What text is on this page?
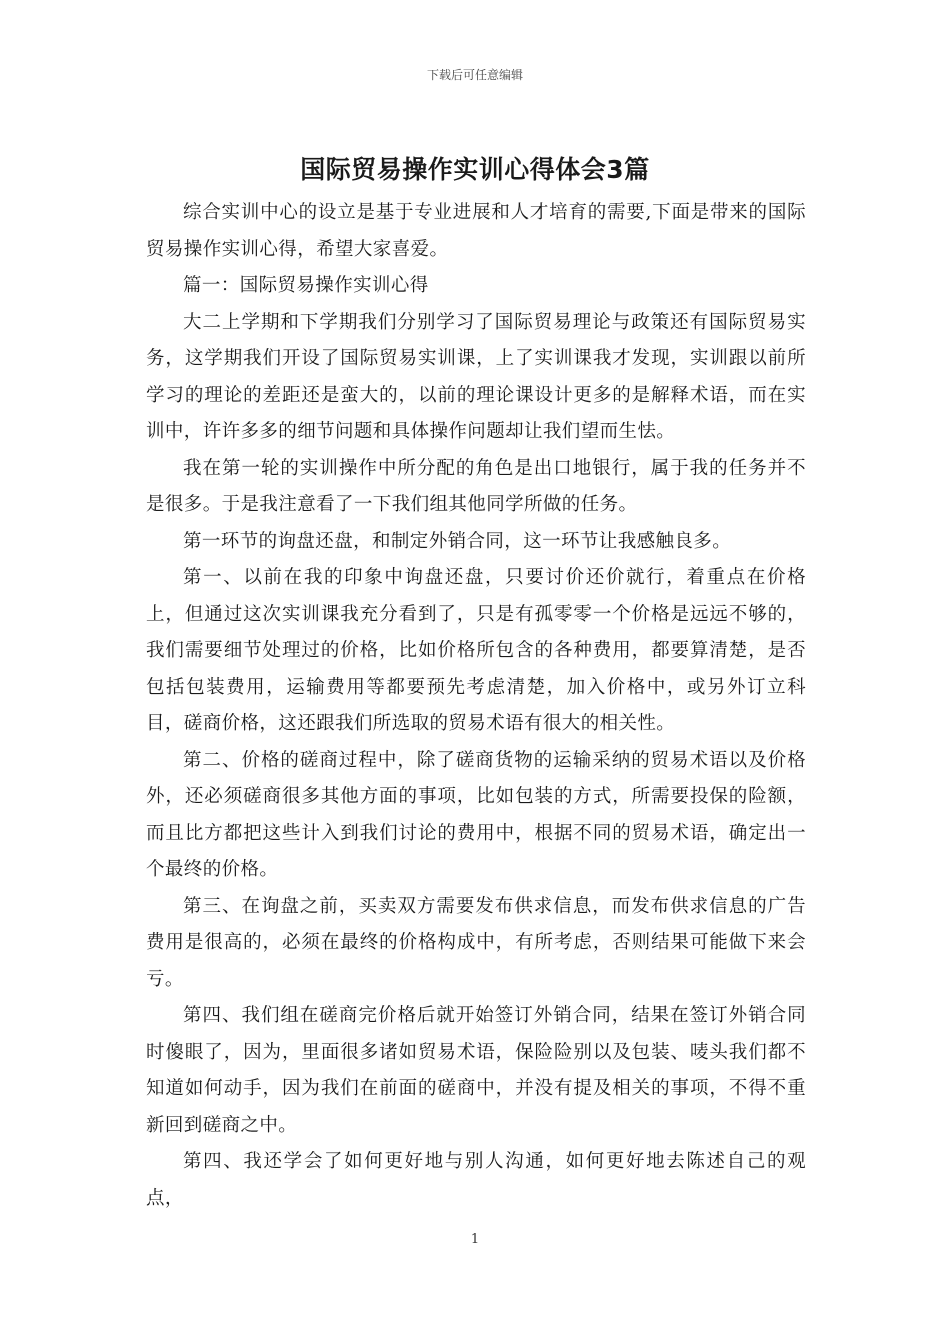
下载后可任意编辑
国际贸易操作实训心得体会3篇

综合实训中心的设立是基于专业进展和人才培育的需要,下面是带来的国际贸易操作实训心得，希望大家喜爱。

篇一：国际贸易操作实训心得

大二上学期和下学期我们分别学习了国际贸易理论与政策还有国际贸易实务，这学期我们开设了国际贸易实训课，上了实训课我才发现，实训跟以前所学习的理论的差距还是蛮大的，以前的理论课设计更多的是解释术语，而在实训中，许许多多的细节问题和具体操作问题却让我们望而生怯。

我在第一轮的实训操作中所分配的角色是出口地银行，属于我的任务并不是很多。于是我注意看了一下我们组其他同学所做的任务。

第一环节的询盘还盘，和制定外销合同，这一环节让我感触良多。

第一、以前在我的印象中询盘还盘，只要讨价还价就行，着重点在价格上，但通过这次实训课我充分看到了，只是有孤零零一个价格是远远不够的，我们需要细节处理过的价格，比如价格所包含的各种费用，都要算清楚，是否包括包装费用，运输费用等都要预先考虑清楚，加入价格中，或另外订立科目，磋商价格，这还跟我们所选取的贸易术语有很大的相关性。

第二、价格的磋商过程中，除了磋商货物的运输采纳的贸易术语以及价格外，还必须磋商很多其他方面的事项，比如包装的方式，所需要投保的险额，而且比方都把这些计入到我们讨论的费用中，根据不同的贸易术语，确定出一个最终的价格。

第三、在询盘之前，买卖双方需要发布供求信息，而发布供求信息的广告费用是很高的，必须在最终的价格构成中，有所考虑，否则结果可能做下来会亏。

第四、我们组在磋商完价格后就开始签订外销合同，结果在签订外销合同时傻眼了，因为，里面很多诸如贸易术语，保险险别以及包装、唛头我们都不知道如何动手，因为我们在前面的磋商中，并没有提及相关的事项，不得不重新回到磋商之中。

第四、我还学会了如何更好地与别人沟通，如何更好地去陈述自己的观点，

1
